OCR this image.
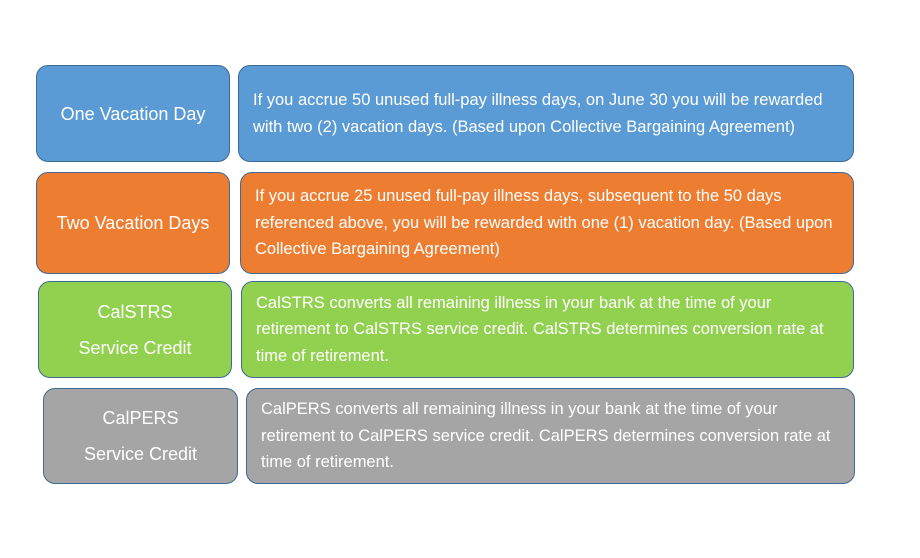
One Vacation Day
If you accrue 50 unused full-pay illness days, on June 30 you will be rewarded with two (2) vacation days. (Based upon Collective Bargaining Agreement)
Two Vacation Days
If you accrue 25 unused full-pay illness days, subsequent to the 50 days referenced above, you will be rewarded with one (1) vacation day. (Based upon Collective Bargaining Agreement)
CalSTRS
Service Credit
CalSTRS converts all remaining illness in your bank at the time of your retirement to CalSTRS service credit. CalSTRS determines conversion rate at time of retirement.
CalPERS
Service Credit
CalPERS converts all remaining illness in your bank at the time of your retirement to CalPERS service credit. CalPERS determines conversion rate at time of retirement.
